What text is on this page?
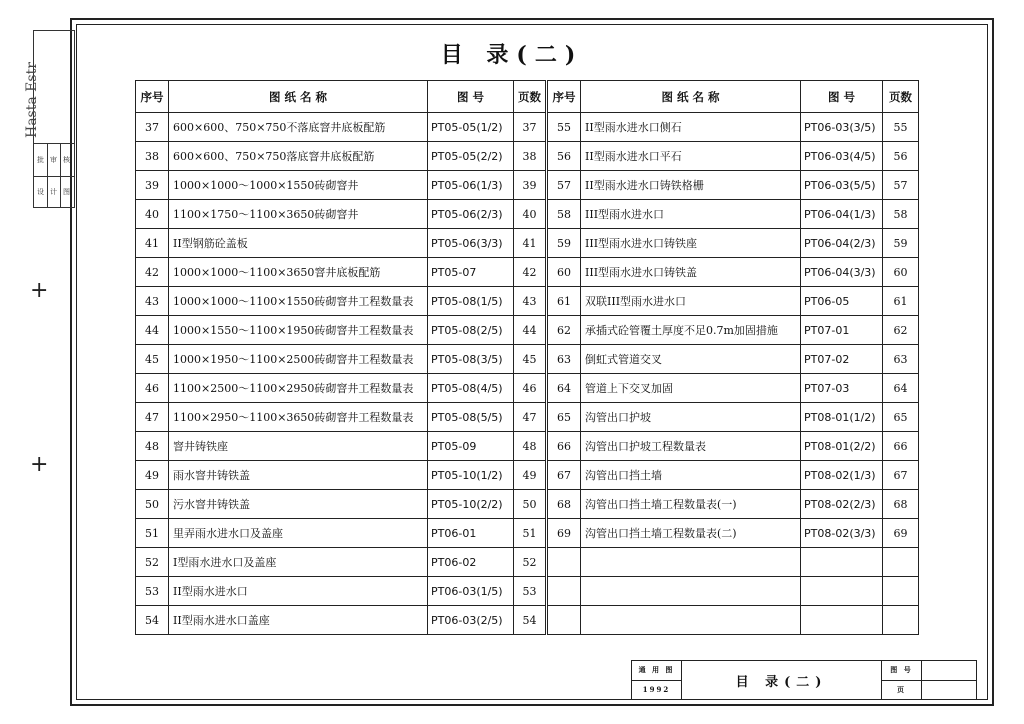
批 审 核
设 计 图
Hasta Estr
+
+
目 录(二)
序号	图 纸 名 称	图 号	页数	序号	图 纸 名 称	图 号	页数
37	600×600、750×750不落底窨井底板配筋	PT05-05(1/2)	37	55	II型雨水进水口侧石	PT06-03(3/5)	55
38	600×600、750×750落底窨井底板配筋	PT05-05(2/2)	38	56	II型雨水进水口平石	PT06-03(4/5)	56
39	1000×1000～1000×1550砖砌窨井	PT05-06(1/3)	39	57	II型雨水进水口铸铁格栅	PT06-03(5/5)	57
40	1100×1750～1100×3650砖砌窨井	PT05-06(2/3)	40	58	III型雨水进水口	PT06-04(1/3)	58
41	II型钢筋砼盖板	PT05-06(3/3)	41	59	III型雨水进水口铸铁座	PT06-04(2/3)	59
42	1000×1000～1100×3650窨井底板配筋	PT05-07	42	60	III型雨水进水口铸铁盖	PT06-04(3/3)	60
43	1000×1000～1100×1550砖砌窨井工程数量表	PT05-08(1/5)	43	61	双联III型雨水进水口	PT06-05	61
44	1000×1550～1100×1950砖砌窨井工程数量表	PT05-08(2/5)	44	62	承插式砼管覆土厚度不足0.7m加固措施	PT07-01	62
45	1000×1950～1100×2500砖砌窨井工程数量表	PT05-08(3/5)	45	63	倒虹式管道交叉	PT07-02	63
46	1100×2500～1100×2950砖砌窨井工程数量表	PT05-08(4/5)	46	64	管道上下交叉加固	PT07-03	64
47	1100×2950～1100×3650砖砌窨井工程数量表	PT05-08(5/5)	47	65	沟管出口护坡	PT08-01(1/2)	65
48	窨井铸铁座	PT05-09	48	66	沟管出口护坡工程数量表	PT08-01(2/2)	66
49	雨水窨井铸铁盖	PT05-10(1/2)	49	67	沟管出口挡土墙	PT08-02(1/3)	67
50	污水窨井铸铁盖	PT05-10(2/2)	50	68	沟管出口挡土墙工程数量表(一)	PT08-02(2/3)	68
51	里弄雨水进水口及盖座	PT06-01	51	69	沟管出口挡土墙工程数量表(二)	PT08-02(3/3)	69
52	I型雨水进水口及盖座	PT06-02	52				
53	II型雨水进水口	PT06-03(1/5)	53				
54	II型雨水进水口盖座	PT06-03(2/5)	54				
通 用 图	目 录(二)	图 号	
1992		页	
